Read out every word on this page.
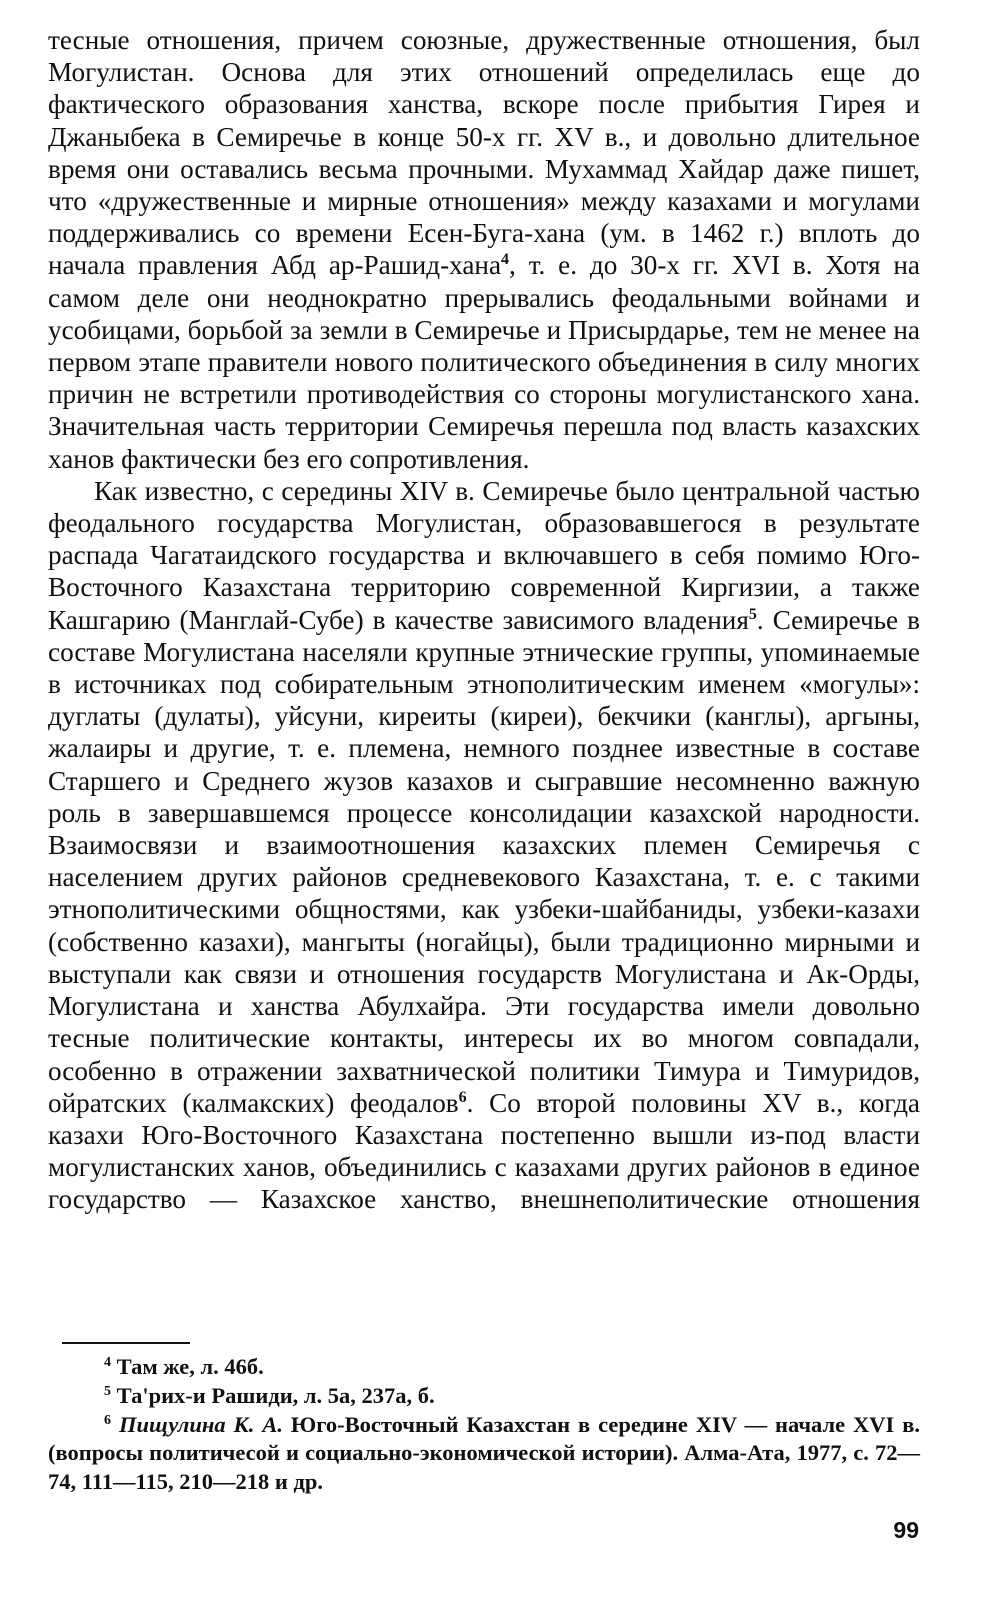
тесные отношения, причем союзные, дружественные отношения, был Могулистан. Основа для этих отношений определилась еще до фактического образования ханства, вскоре после прибытия Гирея и Джаныбека в Семиречье в конце 50-х гг. XV в., и довольно длительное время они оставались весьма прочными. Мухаммад Хайдар даже пишет, что «дружественные и мирные отношения» между казахами и могулами поддерживались со времени Есен-Буга-хана (ум. в 1462 г.) вплоть до начала правления Абд ар-Рашид-хана$^4$, т. е. до 30-х гг. XVI в. Хотя на самом деле они неоднократно прерывались феодальными войнами и усобицами, борьбой за земли в Семиречье и Присырдарье, тем не менее на первом этапе правители нового политического объединения в силу многих причин не встретили противодействия со стороны могулистанского хана. Значительная часть территории Семиречья перешла под власть казахских ханов фактически без его сопротивления.

Как известно, с середины XIV в. Семиречье было центральной частью феодального государства Могулистан, образовавшегося в результате распада Чагатаидского государства и включавшего в себя помимо Юго-Восточного Казахстана территорию современной Киргизии, а также Кашгарию (Манглай-Субе) в качестве зависимого владения$^5$. Семиречье в составе Могулистана населяли крупные этнические группы, упоминаемые в источниках под собирательным этнополитическим именем «могулы»: дуглаты (дулаты), уйсуни, киреиты (киреи), бекчики (канглы), аргыны, жалаиры и другие, т. е. племена, немного позднее известные в составе Старшего и Среднего жузов казахов и сыгравшие несомненно важную роль в завершавшемся процессе консолидации казахской народности. Взаимосвязи и взаимоотношения казахских племен Семиречья с населением других районов средневекового Казахстана, т. е. с такими этнополитическими общностями, как узбеки-шайбаниды, узбеки-казахи (собственно казахи), мангыты (ногайцы), были традиционно мирными и выступали как связи и отношения государств Могулистана и Ак-Орды, Могулистана и ханства Абулхайра. Эти государства имели довольно тесные политические контакты, интересы их во многом совпадали, особенно в отражении захватнической политики Тимура и Тимуридов, ойратских (калмакских) феодалов$^6$. Со второй половины XV в., когда казахи Юго-Восточного Казахстана постепенно вышли из-под власти могулистанских ханов, объединились с казахами других районов в единое государство — Казахское ханство, внешнеполитические отношения

$^4$ Там же, л. 46б.

$^5$ Та'рих-и Рашиди, л. 5а, 237а, б.

$^6$ Пищулина К. А. Юго-Восточный Казахстан в середине XIV — начале XVI в. (вопросы политичесой и социально-экономической истории). Алма-Ата, 1977, с. 72—74, 111—115, 210—218 и др.

99
